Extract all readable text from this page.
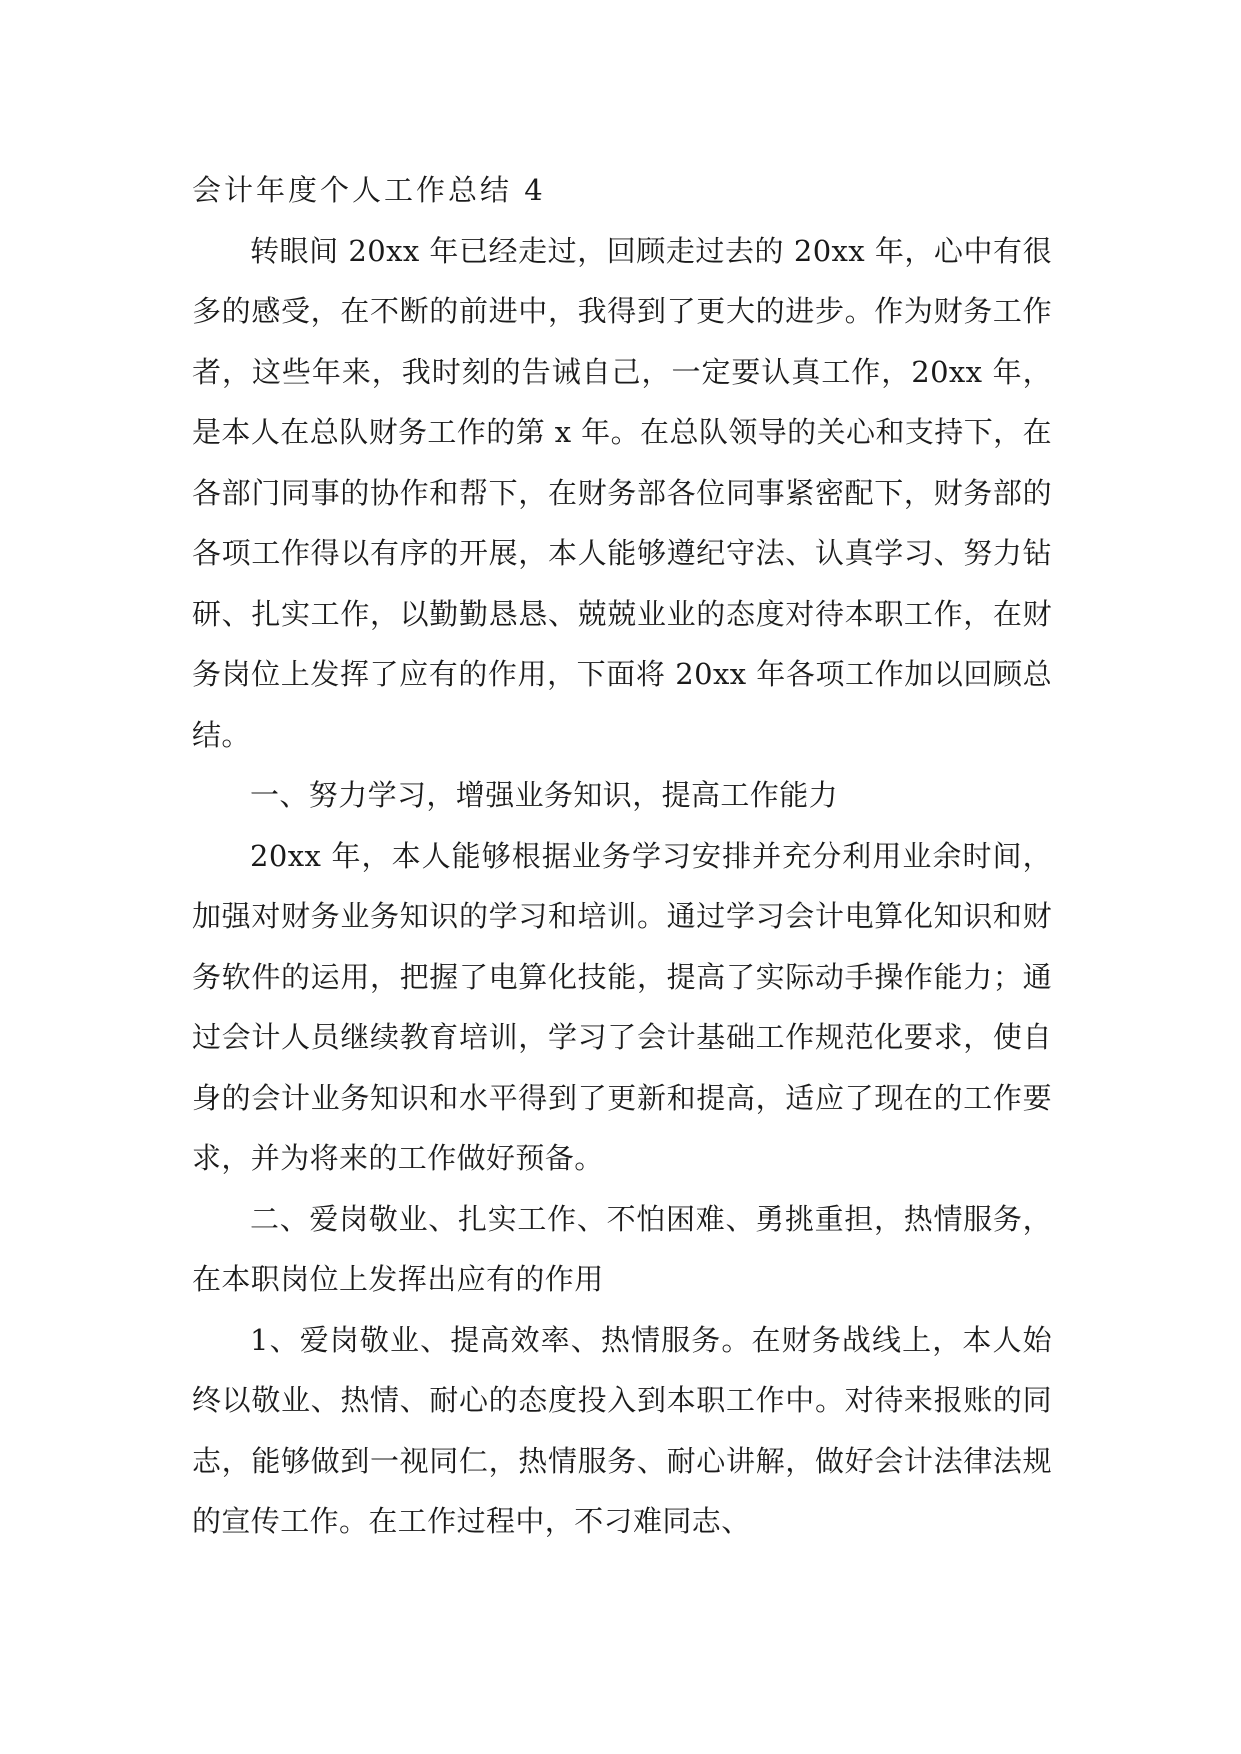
会计年度个人工作总结 4

转眼间 20xx 年已经走过，回顾走过去的 20xx 年，心中有很多的感受，在不断的前进中，我得到了更大的进步。作为财务工作者，这些年来，我时刻的告诫自己，一定要认真工作，20xx 年，是本人在总队财务工作的第 x 年。在总队领导的关心和支持下，在各部门同事的协作和帮下，在财务部各位同事紧密配下，财务部的各项工作得以有序的开展，本人能够遵纪守法、认真学习、努力钻研、扎实工作，以勤勤恳恳、兢兢业业的态度对待本职工作，在财务岗位上发挥了应有的作用，下面将 20xx 年各项工作加以回顾总结。

一、努力学习，增强业务知识，提高工作能力

20xx 年，本人能够根据业务学习安排并充分利用业余时间，加强对财务业务知识的学习和培训。通过学习会计电算化知识和财务软件的运用，把握了电算化技能，提高了实际动手操作能力；通过会计人员继续教育培训，学习了会计基础工作规范化要求，使自身的会计业务知识和水平得到了更新和提高，适应了现在的工作要求，并为将来的工作做好预备。

二、爱岗敬业、扎实工作、不怕困难、勇挑重担，热情服务，在本职岗位上发挥出应有的作用

1、爱岗敬业、提高效率、热情服务。在财务战线上，本人始终以敬业、热情、耐心的态度投入到本职工作中。对待来报账的同志，能够做到一视同仁，热情服务、耐心讲解，做好会计法律法规的宣传工作。在工作过程中，不刁难同志、
